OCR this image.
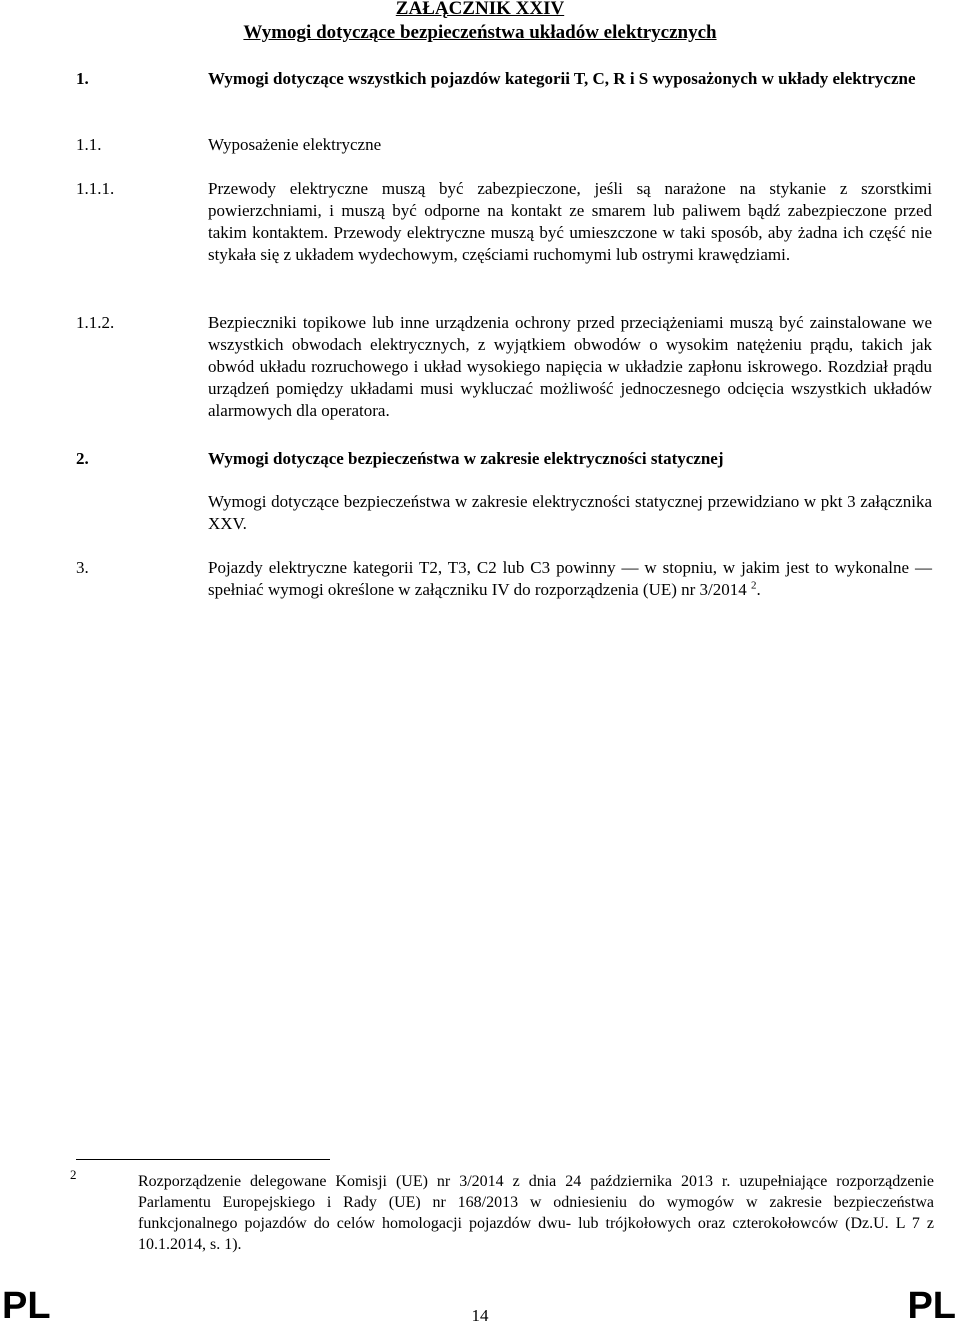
ZAŁĄCZNIK XXIV
Wymogi dotyczące bezpieczeństwa układów elektrycznych
1.	Wymogi dotyczące wszystkich pojazdów kategorii T, C, R i S wyposażonych w układy elektryczne
1.1.	Wyposażenie elektryczne
1.1.1.	Przewody elektryczne muszą być zabezpieczone, jeśli są narażone na stykanie z szorstkimi powierzchniami, i muszą być odporne na kontakt ze smarem lub paliwem bądź zabezpieczone przed takim kontaktem. Przewody elektryczne muszą być umieszczone w taki sposób, aby żadna ich część nie stykała się z układem wydechowym, częściami ruchomymi lub ostrymi krawędziami.
1.1.2.	Bezpieczniki topikowe lub inne urządzenia ochrony przed przeciążeniami muszą być zainstalowane we wszystkich obwodach elektrycznych, z wyjątkiem obwodów o wysokim natężeniu prądu, takich jak obwód układu rozruchowego i układ wysokiego napięcia w układzie zapłonu iskrowego. Rozdział prądu urządzeń pomiędzy układami musi wykluczać możliwość jednoczesnego odcięcia wszystkich układów alarmowych dla operatora.
2.	Wymogi dotyczące bezpieczeństwa w zakresie elektryczności statycznej
Wymogi dotyczące bezpieczeństwa w zakresie elektryczności statycznej przewidziano w pkt 3 załącznika XXV.
3.	Pojazdy elektryczne kategorii T2, T3, C2 lub C3 powinny — w stopniu, w jakim jest to wykonalne — spełniać wymogi określone w załączniku IV do rozporządzenia (UE) nr 3/2014 $^2$.
2	Rozporządzenie delegowane Komisji (UE) nr 3/2014 z dnia 24 października 2013 r. uzupełniające rozporządzenie Parlamentu Europejskiego i Rady (UE) nr 168/2013 w odniesieniu do wymogów w zakresie bezpieczeństwa funkcjonalnego pojazdów do celów homologacji pojazdów dwu- lub trójkołowych oraz czterokołowców (Dz.U. L 7 z 10.1.2014, s. 1).
PL	14	PL
